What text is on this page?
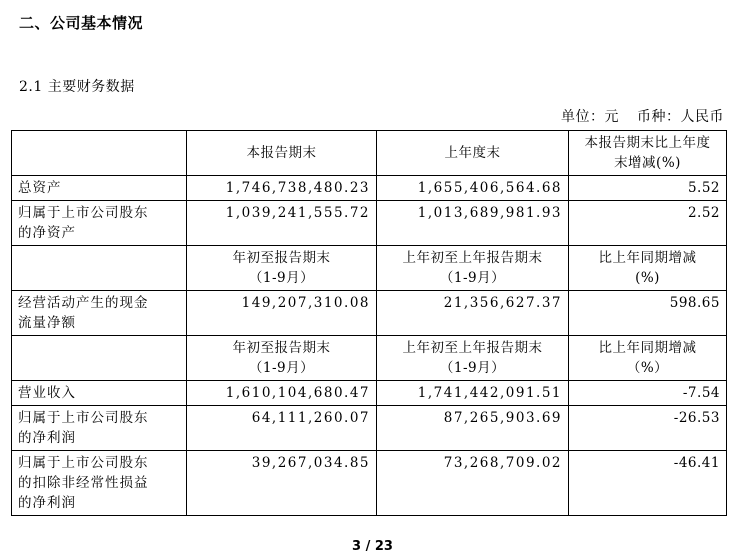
二、公司基本情况
2.1 主要财务数据
单位：元 币种：人民币
	本报告期末	上年度末	本报告期末比上年度
末增减(%)

总资产	1,746,738,480.23	1,655,406,564.68	5.52

归属于上市公司股东
的净资产	1,039,241,555.72	1,013,689,981.93	2.52

	年初至报告期末
（1-9月）	上年初至上年报告期末
（1-9月）	比上年同期增减
(%)

经营活动产生的现金
流量净额	149,207,310.08	21,356,627.37	598.65

	年初至报告期末
（1-9月）	上年初至上年报告期末
（1-9月）	比上年同期增减
（%）

营业收入	1,610,104,680.47	1,741,442,091.51	-7.54

归属于上市公司股东
的净利润	64,111,260.07	87,265,903.69	-26.53

归属于上市公司股东
的扣除非经常性损益
的净利润	39,267,034.85	73,268,709.02	-46.41
3 / 23
